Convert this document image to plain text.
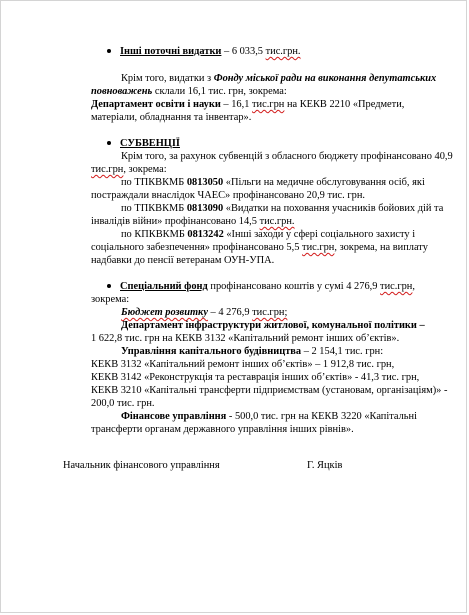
Інші поточні видатки – 6 033,5 тис.грн.

Крім того, видатки з Фонду міської ради на виконання депутатських

повноважень склали 16,1 тис. грн, зокрема:

Департамент освіти і науки – 16,1 тис.грн на КЕКВ 2210 «Предмети,

матеріали, обладнання та інвентар».

СУБВЕНЦІЇ

Крім того, за рахунок субвенцій з обласного бюджету профінансовано 40,9

тис.грн, зокрема:

по ТПКВКМБ 0813050 «Пільги на медичне обслуговування осіб, які

постраждали внаслідок ЧАЕС» профінансовано 20,9 тис. грн.

по ТПКВКМБ 0813090 «Видатки на поховання учасників бойових дій та

інвалідів війни» профінансовано 14,5 тис.грн.

по КПКВКМБ 0813242 «Інші заходи у сфері соціального захисту і

соціального забезпечення» профінансовано 5,5 тис.грн, зокрема, на виплату

надбавки до пенсії ветеранам ОУН-УПА.

Спеціальний фонд профінансовано коштів у сумі 4 276,9 тис.грн,

зокрема:

Бюджет розвитку – 4 276,9 тис.грн;

Департамент інфраструктури житлової, комунальної політики –

1 622,8 тис. грн на КЕКВ 3132 «Капітальний ремонт інших об’єктів».

Управління капітального будівництва – 2 154,1 тис. грн:

КЕКВ 3132 «Капітальний ремонт інших об’єктів» – 1 912,8 тис. грн,

КЕКВ 3142 «Реконструкція та реставрація інших об’єктів» - 41,3 тис. грн,

КЕКВ 3210 «Капітальні трансферти підприємствам (установам, організаціям)» -

200,0 тис. грн.

Фінансове управління - 500,0 тис. грн на КЕКВ 3220 «Капітальні

трансферти органам державного управління інших рівнів».

Начальник фінансового управління	Г. Яцків
